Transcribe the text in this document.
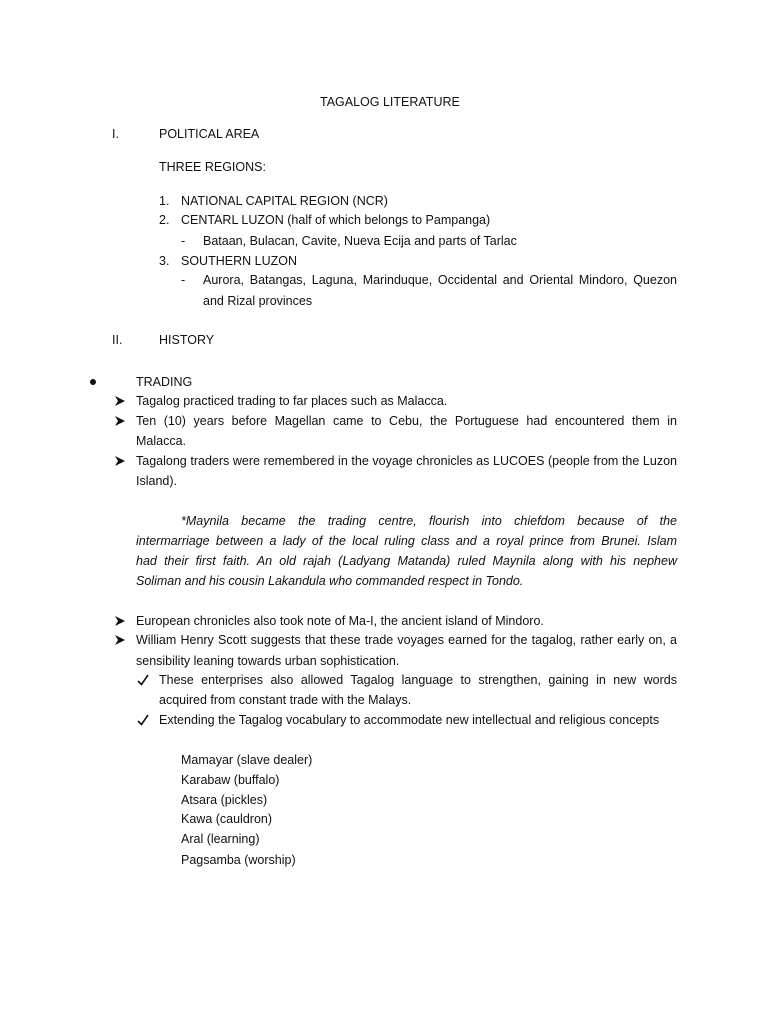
TAGALOG LITERATURE
I.	POLITICAL AREA
THREE REGIONS:
1. NATIONAL CAPITAL REGION (NCR)
2. CENTARL LUZON (half of which belongs to Pampanga)
- Bataan, Bulacan, Cavite, Nueva Ecija and parts of Tarlac
3. SOUTHERN LUZON
- Aurora, Batangas, Laguna, Marinduque, Occidental and Oriental Mindoro, Quezon
and Rizal provinces
II.	HISTORY
TRADING
Tagalog practiced trading to far places such as Malacca.
Ten (10) years before Magellan came to Cebu, the Portuguese had encountered them in
Malacca.
Tagalong traders were remembered in the voyage chronicles as LUCOES (people from the Luzon
Island).
*Maynila became the trading centre, flourish into chiefdom because of the
intermarriage between a lady of the local ruling class and a royal prince from Brunei. Islam
had their first faith. An old rajah (Ladyang Matanda) ruled Maynila along with his nephew
Soliman and his cousin Lakandula who commanded respect in Tondo.
European chronicles also took note of Ma-I, the ancient island of Mindoro.
William Henry Scott suggests that these trade voyages earned for the tagalog, rather early on, a
sensibility leaning towards urban sophistication.
These enterprises also allowed Tagalog language to strengthen, gaining in new words
acquired from constant trade with the Malays.
Extending the Tagalog vocabulary to accommodate new intellectual and religious concepts
Mamayar (slave dealer)
Karabaw (buffalo)
Atsara (pickles)
Kawa (cauldron)
Aral (learning)
Pagsamba (worship)
